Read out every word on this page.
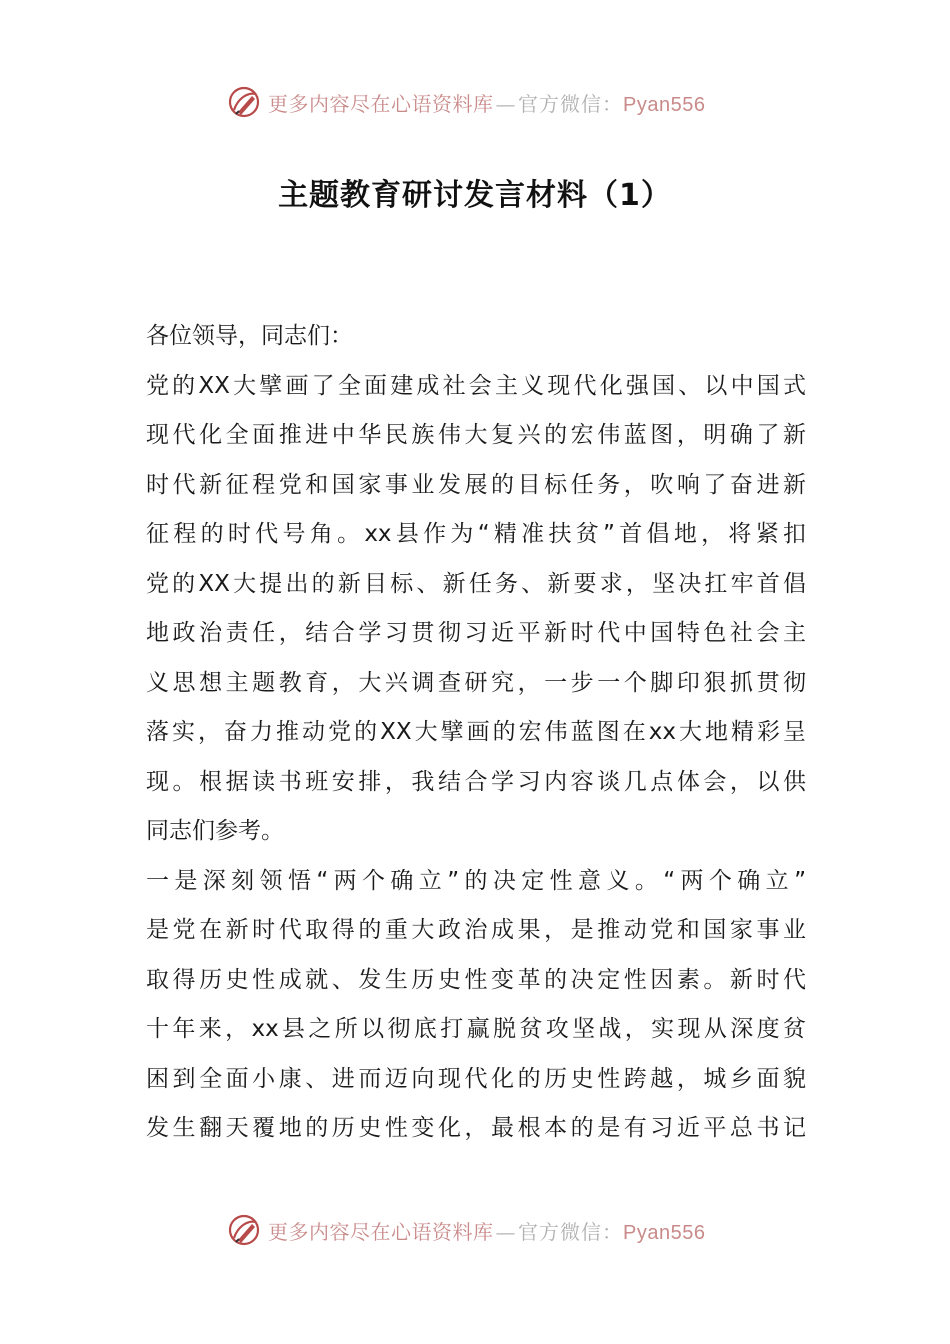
更多内容尽在心语资料库 — 官方微信：Pyan556
主题教育研讨发言材料（1）
各位领导，同志们：
党的XX大擘画了全面建成社会主义现代化强国、以中国式
现代化全面推进中华民族伟大复兴的宏伟蓝图，明确了新
时代新征程党和国家事业发展的目标任务，吹响了奋进新
征程的时代号角。xx县作为“精准扶贫”首倡地，将紧扣
党的XX大提出的新目标、新任务、新要求，坚决扛牢首倡
地政治责任，结合学习贯彻习近平新时代中国特色社会主
义思想主题教育，大兴调查研究，一步一个脚印狠抓贯彻
落实，奋力推动党的XX大擘画的宏伟蓝图在xx大地精彩呈
现。根据读书班安排，我结合学习内容谈几点体会，以供
同志们参考。
一是深刻领悟“两个确立”的决定性意义。“两个确立”
是党在新时代取得的重大政治成果，是推动党和国家事业
取得历史性成就、发生历史性变革的决定性因素。新时代
十年来，xx县之所以彻底打赢脱贫攻坚战，实现从深度贫
困到全面小康、进而迈向现代化的历史性跨越，城乡面貌
发生翻天覆地的历史性变化，最根本的是有习近平总书记
更多内容尽在心语资料库 — 官方微信：Pyan556
